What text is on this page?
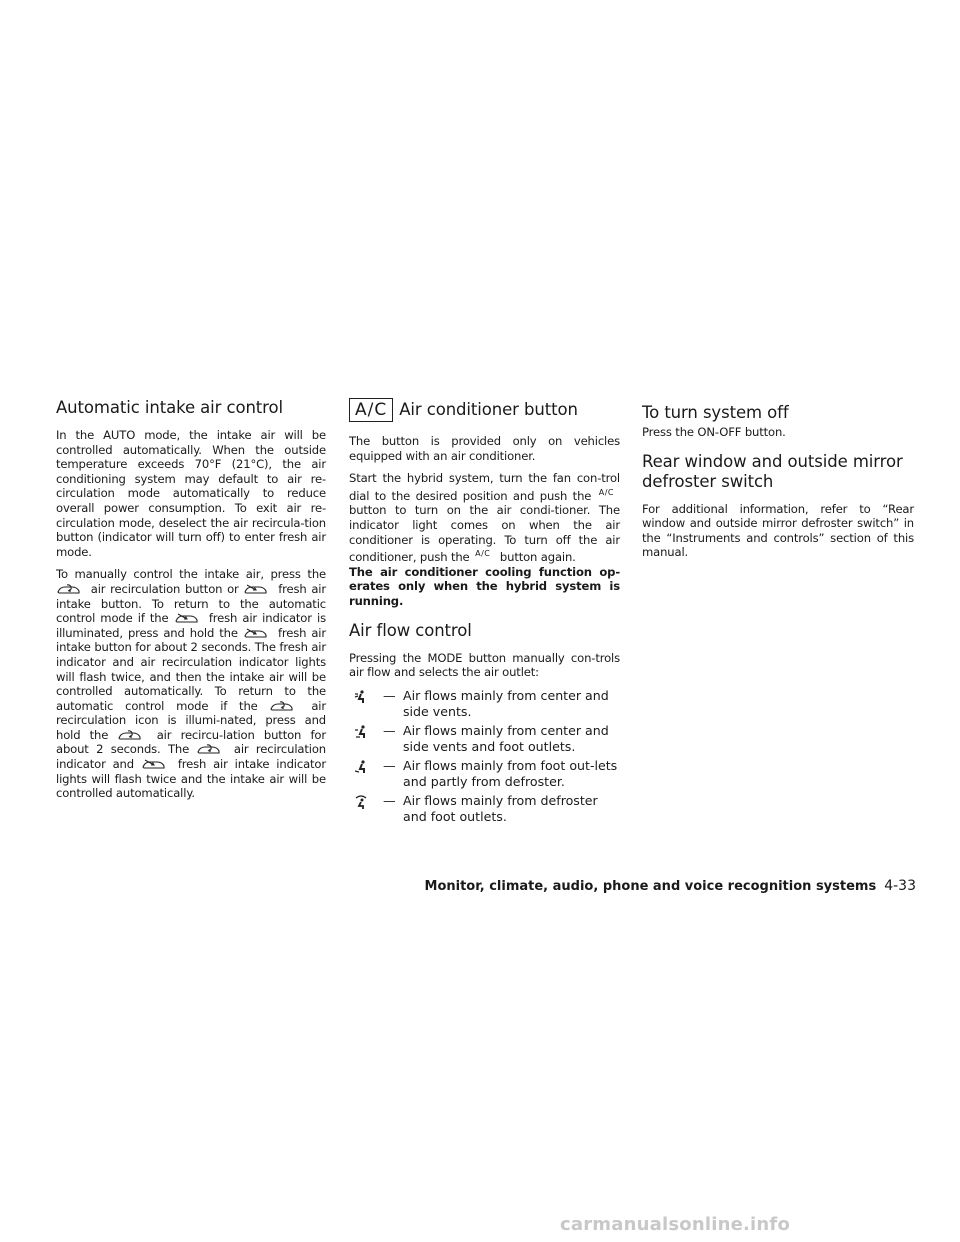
Automatic intake air control

In the AUTO mode, the intake air will be controlled automatically. When the outside temperature exceeds 70°F (21°C), the air conditioning system may default to air re-circulation mode automatically to reduce overall power consumption. To exit air re-circulation mode, deselect the air recircula-tion button (indicator will turn off) to enter fresh air mode.

To manually control the intake air, press the
air recirculation button or	fresh air intake button. To return to the automatic control mode if the	fresh air indicator is illuminated, press and hold the	fresh air intake button for about 2 seconds. The fresh air indicator and air recirculation indicator lights will flash twice, and then the intake air will be controlled automatically. To return to the automatic control mode if the	air recirculation icon is illumi-nated, press and hold the	air recircu-lation button for about 2 seconds. The	air recirculation indicator and	fresh air intake indicator lights will flash twice and the intake air will be controlled automatically.

A/C Air conditioner button

The button is provided only on vehicles equipped with an air conditioner.

Start the hybrid system, turn the fan con-trol dial to the desired position and push the A/C button to turn on the air condi-tioner. The indicator light comes on when the air conditioner is operating. To turn off the air conditioner, push the A/C button again.

The air conditioner cooling function op-erates only when the hybrid system is running.

Air flow control

Pressing the MODE button manually con-trols air flow and selects the air outlet:

— Air flows mainly from center and side vents.
— Air flows mainly from center and side vents and foot outlets.
— Air flows mainly from foot out-lets and partly from defroster.
— Air flows mainly from defroster and foot outlets.
To turn system off

Press the ON-OFF button.

Rear window and outside mirror defroster switch

For additional information, refer to “Rear window and outside mirror defroster switch” in the “Instruments and controls” section of this manual.

Monitor, climate, audio, phone and voice recognition systems 4-33
carmanualsonline.info
